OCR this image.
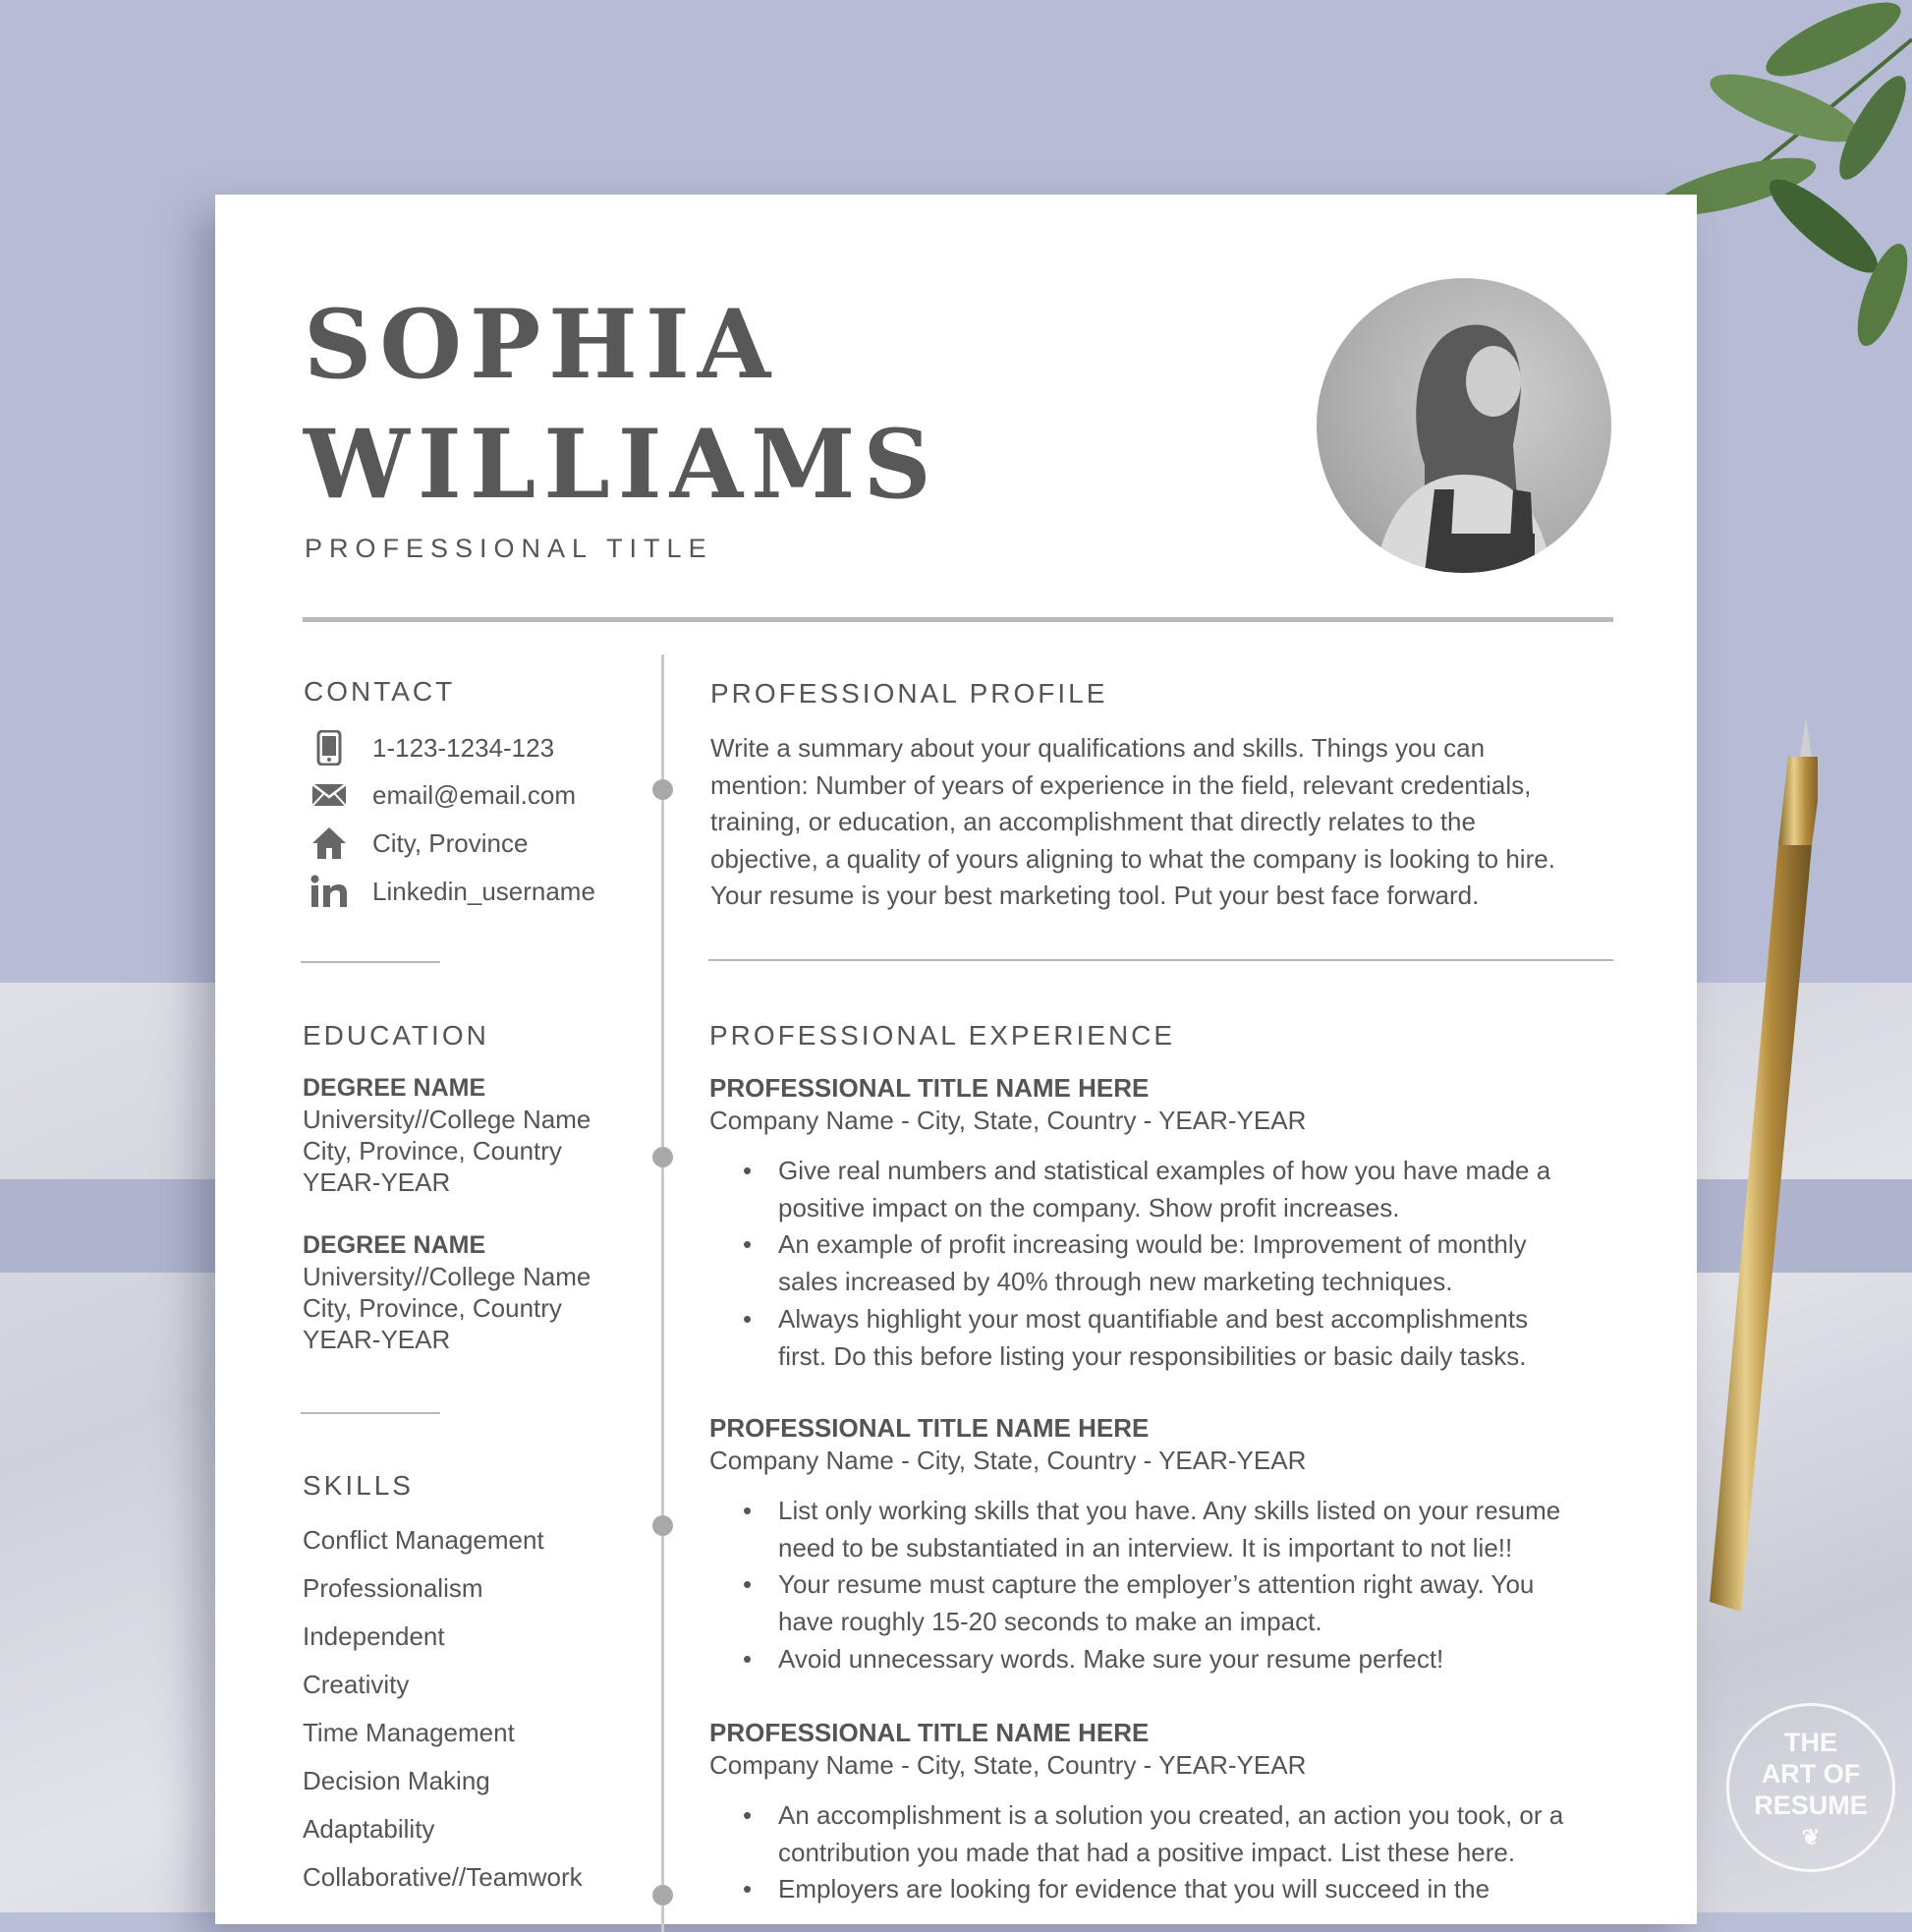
THE
ART OF
RESUME
❦
SOPHIA
WILLIAMS
PROFESSIONAL TITLE
CONTACT
1-123-1234-123
email@email.com
City, Province
Linkedin_username
EDUCATION
DEGREE NAME
University//College Name
City, Province, Country
YEAR-YEAR
DEGREE NAME
University//College Name
City, Province, Country
YEAR-YEAR
SKILLS
Conflict Management
Professionalism
Independent
Creativity
Time Management
Decision Making
Adaptability
Collaborative//Teamwork
PROFESSIONAL PROFILE
Write a summary about your qualifications and skills. Things you can
mention: Number of years of experience in the field, relevant credentials,
training, or education, an accomplishment that directly relates to the
objective, a quality of yours aligning to what the company is looking to hire.
Your resume is your best marketing tool. Put your best face forward.
PROFESSIONAL EXPERIENCE
PROFESSIONAL TITLE NAME HERE
Company Name - City, State, Country - YEAR-YEAR
• Give real numbers and statistical examples of how you have made a
positive impact on the company. Show profit increases.
• An example of profit increasing would be: Improvement of monthly
sales increased by 40% through new marketing techniques.
• Always highlight your most quantifiable and best accomplishments
first. Do this before listing your responsibilities or basic daily tasks.
PROFESSIONAL TITLE NAME HERE
Company Name - City, State, Country - YEAR-YEAR
• List only working skills that you have. Any skills listed on your resume
need to be substantiated in an interview. It is important to not lie!!
• Your resume must capture the employer’s attention right away. You
have roughly 15-20 seconds to make an impact.
• Avoid unnecessary words. Make sure your resume perfect!
PROFESSIONAL TITLE NAME HERE
Company Name - City, State, Country - YEAR-YEAR
• An accomplishment is a solution you created, an action you took, or a
contribution you made that had a positive impact. List these here.
• Employers are looking for evidence that you will succeed in the
